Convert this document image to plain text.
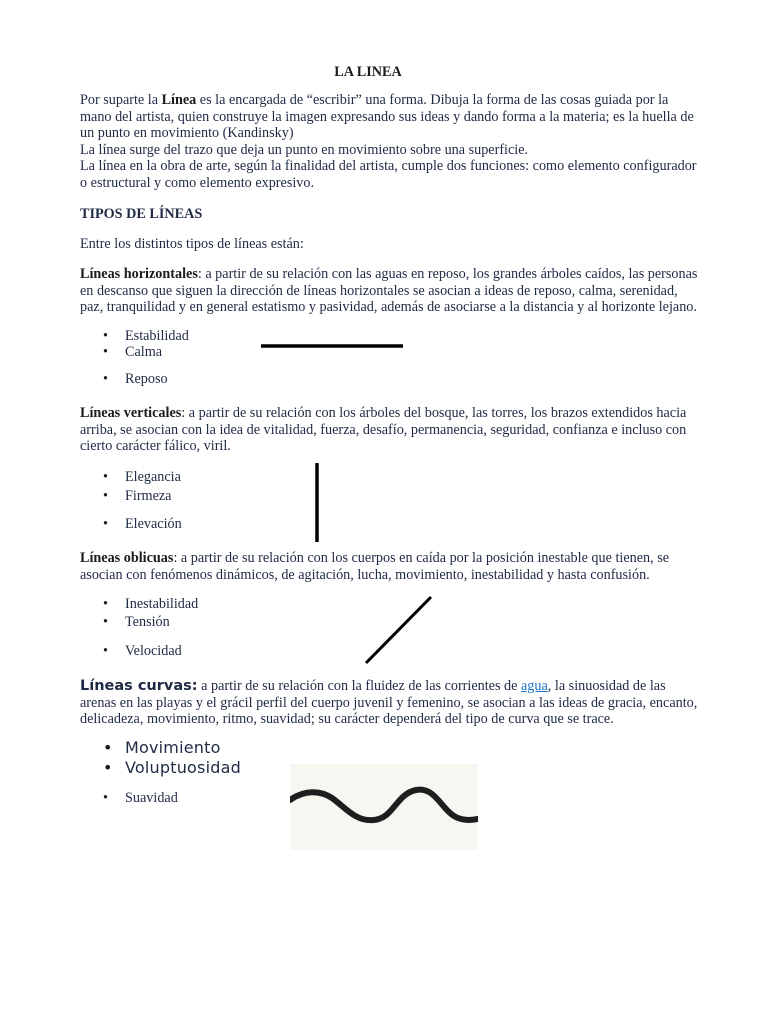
LA LINEA

Por suparte la Línea es la encargada de “escribir” una forma. Dibuja la forma de las cosas guiada por la mano del artista, quien construye la imagen expresando sus ideas y dando forma a la materia; es la huella de un punto en movimiento (Kandinsky)
La línea surge del trazo que deja un punto en movimiento sobre una superficie.
La línea en la obra de arte, según la finalidad del artista, cumple dos funciones: como elemento configurador o estructural y como elemento expresivo.

TIPOS DE LÍNEAS

Entre los distintos tipos de líneas están:

Líneas horizontales: a partir de su relación con las aguas en reposo, los grandes árboles caídos, las personas en descanso que siguen la dirección de líneas horizontales se asocian a ideas de reposo, calma, serenidad, paz, tranquilidad y en general estatismo y pasividad, además de asociarse a la distancia y al horizonte lejano.

• Estabilidad
• Calma
• Reposo

Líneas verticales: a partir de su relación con los árboles del bosque, las torres, los brazos extendidos hacia arriba, se asocian con la idea de vitalidad, fuerza, desafío, permanencia, seguridad, confianza e incluso con cierto carácter fálico, viril.

• Elegancia
• Firmeza
• Elevación

Líneas oblicuas: a partir de su relación con los cuerpos en caída por la posición inestable que tienen, se asocian con fenómenos dinámicos, de agitación, lucha, movimiento, inestabilidad y hasta confusión.

• Inestabilidad
• Tensión
• Velocidad

Líneas curvas: a partir de su relación con la fluidez de las corrientes de agua, la sinuosidad de las arenas en las playas y el grácil perfil del cuerpo juvenil y femenino, se asocian a las ideas de gracia, encanto, delicadeza, movimiento, ritmo, suavidad; su carácter dependerá del tipo de curva que se trace.

• Movimiento
• Voluptuosidad
• Suavidad
